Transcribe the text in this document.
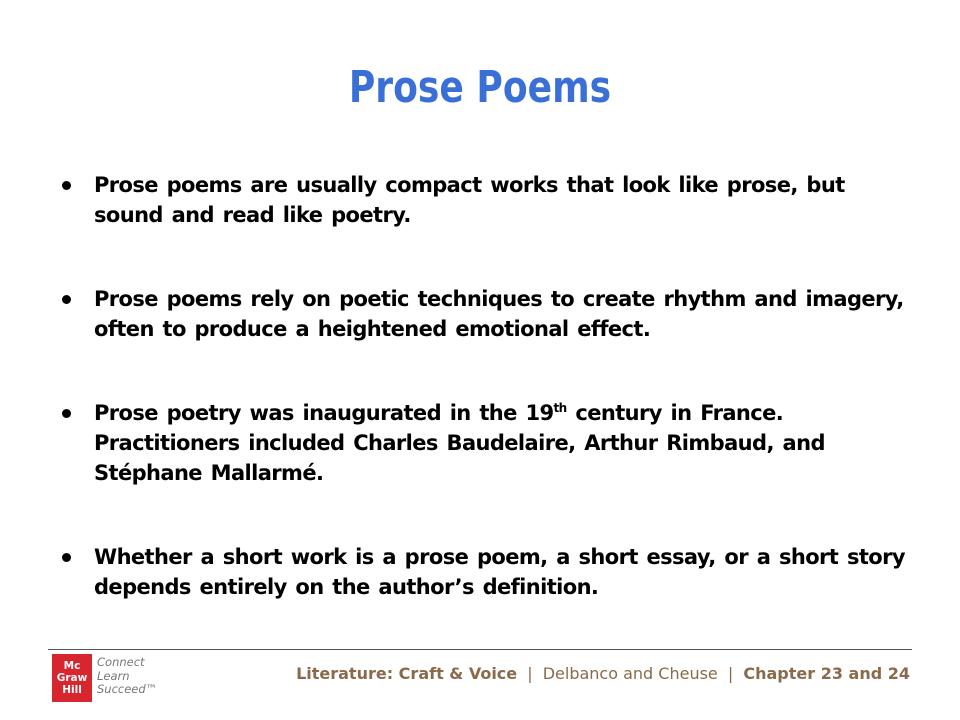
Prose Poems
Prose poems are usually compact works that look like prose, but sound and read like poetry.
Prose poems rely on poetic techniques to create rhythm and imagery, often to produce a heightened emotional effect.
Prose poetry was inaugurated in the 19th century in France. Practitioners included Charles Baudelaire, Arthur Rimbaud, and Stéphane Mallarmé.
Whether a short work is a prose poem, a short essay, or a short story depends entirely on the author’s definition.
Mc
Graw
Hill
Connect
Learn
Succeed™
Literature: Craft & Voice | Delbanco and Cheuse | Chapter 23 and 24
